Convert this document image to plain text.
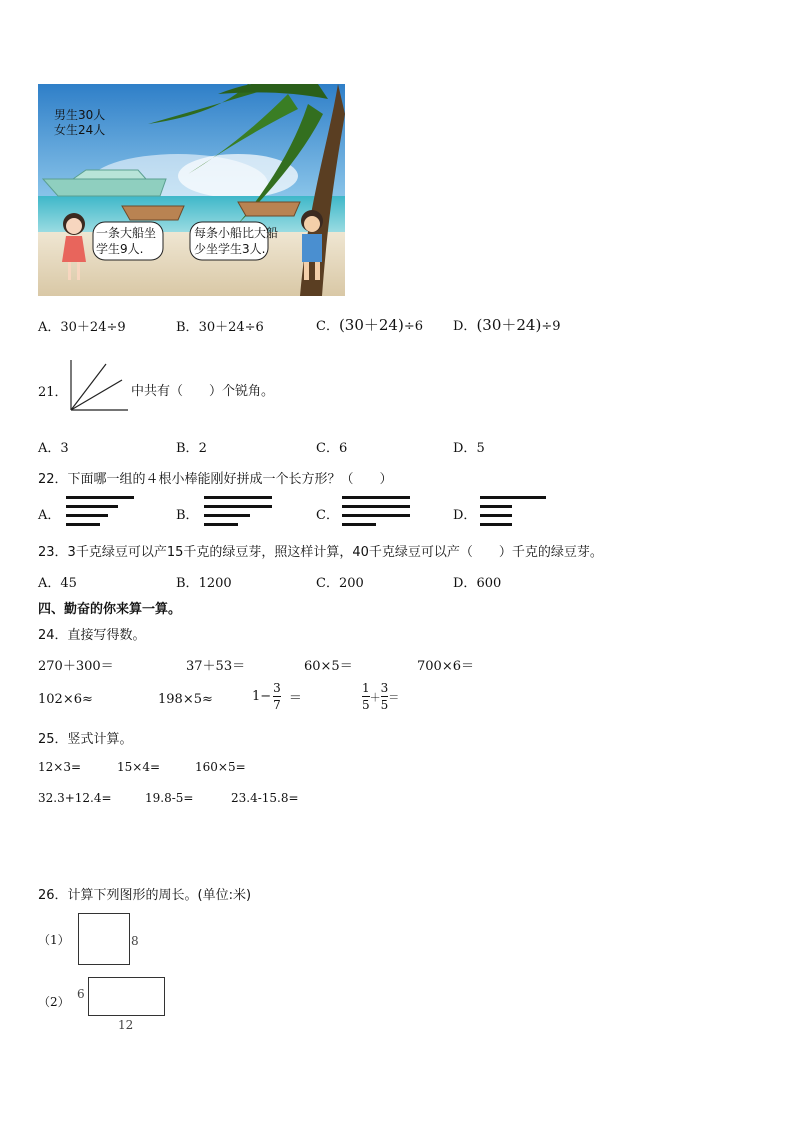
男生30人
女生24人
一条大船坐
学生9人.
每条小船比大船
少坐学生3人.
A．30＋24÷9	B．30＋24÷6	C．(30＋24)÷6 D．(30＋24)÷9
21．	中共有（　　）个锐角。
A．3	B．2	C．6	D．5
22．下面哪一组的４根小棒能刚好拼成一个长方形？（　　）
A．	B．	C．	D．
23．3千克绿豆可以产15千克的绿豆芽，照这样计算，40千克绿豆可以产（　　）千克的绿豆芽。
A．45	B．1200	C．200	D．600
四、勤奋的你来算一算。
24．直接写得数。
270＋300＝	37＋53＝	60×5＝	700×6＝
102×6≈	198×5≈	$1- \frac{3}{7}$ ＝	$\frac{1}{5} + \frac{3}{5}$ ＝
25．竖式计算。
12×3=	15×4=	160×5=
32.3+12.4=	19.8-5=	23.4-15.8=
26．计算下列图形的周长。(单位:米)
（1）	8
（2）
6
12
